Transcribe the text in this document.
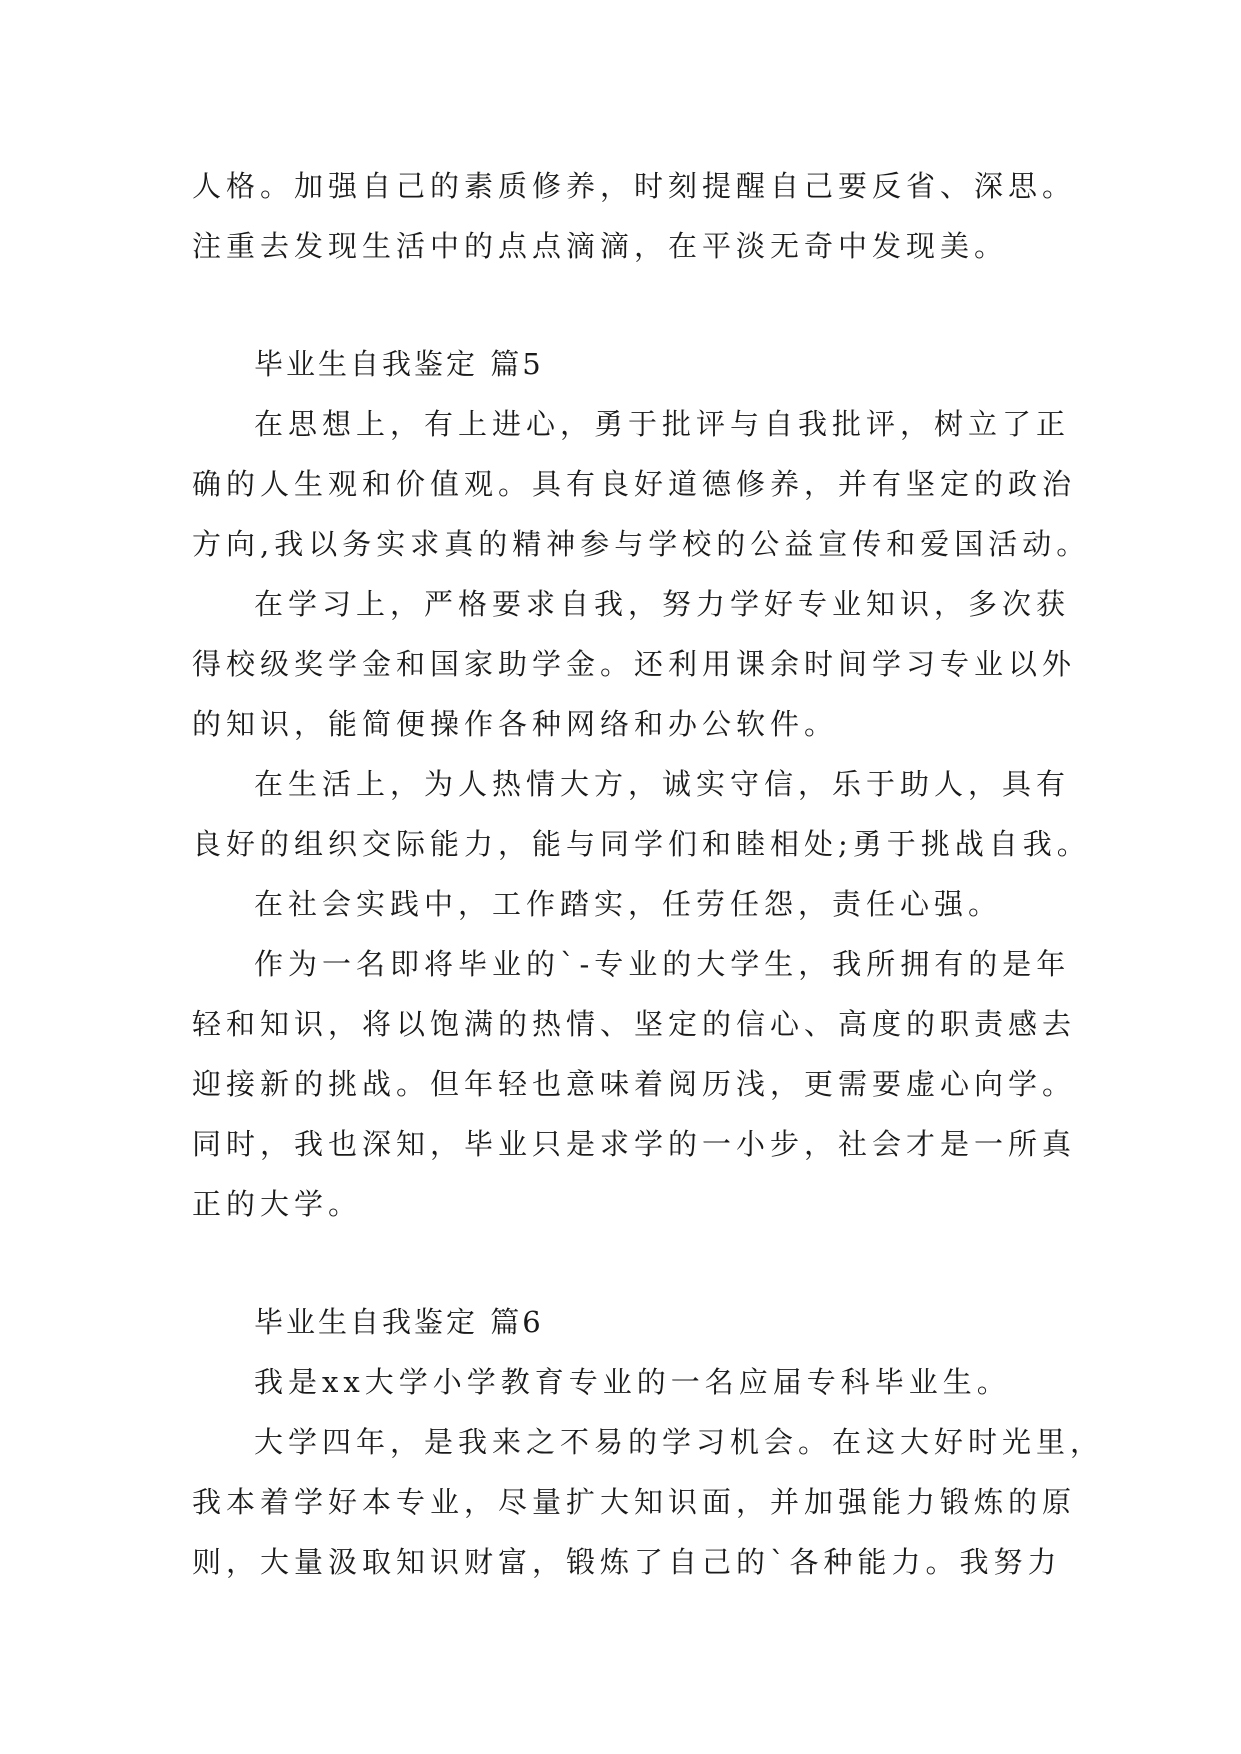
人格。加强自己的素质修养，时刻提醒自己要反省、深思。
注重去发现生活中的点点滴滴，在平淡无奇中发现美。
毕业生自我鉴定 篇5
在思想上，有上进心，勇于批评与自我批评，树立了正
确的人生观和价值观。具有良好道德修养，并有坚定的政治
方向,我以务实求真的精神参与学校的公益宣传和爱国活动。
在学习上，严格要求自我，努力学好专业知识，多次获
得校级奖学金和国家助学金。还利用课余时间学习专业以外
的知识，能简便操作各种网络和办公软件。
在生活上，为人热情大方，诚实守信，乐于助人，具有
良好的组织交际能力，能与同学们和睦相处;勇于挑战自我。
在社会实践中，工作踏实，任劳任怨，责任心强。
作为一名即将毕业的`-专业的大学生，我所拥有的是年
轻和知识，将以饱满的热情、坚定的信心、高度的职责感去
迎接新的挑战。但年轻也意味着阅历浅，更需要虚心向学。
同时，我也深知，毕业只是求学的一小步，社会才是一所真
正的大学。
毕业生自我鉴定 篇6
我是xx大学小学教育专业的一名应届专科毕业生。
大学四年，是我来之不易的学习机会。在这大好时光里，
我本着学好本专业，尽量扩大知识面，并加强能力锻炼的原
则，大量汲取知识财富，锻炼了自己的`各种能力。我努力
